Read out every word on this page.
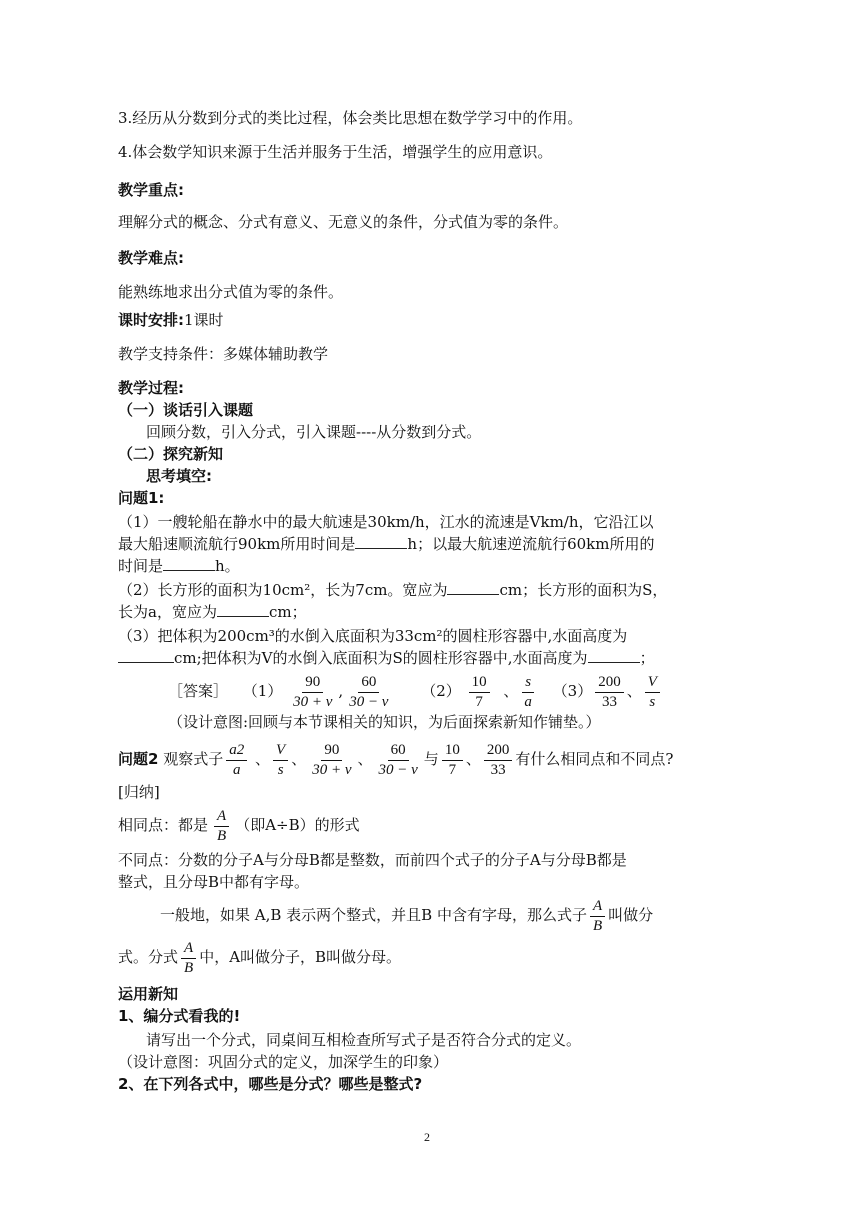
3.经历从分数到分式的类比过程，体会类比思想在数学学习中的作用。
4.体会数学知识来源于生活并服务于生活，增强学生的应用意识。
教学重点:
理解分式的概念、分式有意义、无意义的条件，分式值为零的条件。
教学难点:
能熟练地求出分式值为零的条件。
课时安排:1课时
教学支持条件：多媒体辅助教学
教学过程:
（一）谈话引入课题
回顾分数，引入分式，引入课题----从分数到分式。
（二）探究新知
思考填空:
问题1:
（1）一艘轮船在静水中的最大航速是30km/h，江水的流速是Vkm/h，它沿江以
最大船速顺流航行90km所用时间是	h；以最大航速逆流航行60km所用的
时间是	h。
（2）长方形的面积为10cm²，长为7cm。宽应为	cm；长方形的面积为S，
长为a，宽应为	cm；
（3）把体积为200cm³的水倒入底面积为33cm²的圆柱形容器中,水面高度为
cm;把体积为V的水倒入底面积为S的圆柱形容器中,水面高度为	；
［答案］ $(1) \frac{90}{30 + v}$ , $\frac{60}{30 - v} (2) \frac{10}{7}$ 、 $\frac{s}{a} (3) \frac{200}{33}$ 、 $\frac{V}{s}$
（设计意图:回顾与本节课相关的知识，为后面探索新知作铺垫。）
问题2 观察式子 $\frac{a2}{a}$ 、 $\frac{V}{s}$ 、 $\frac{90}{30 + v}$ 、 $\frac{60}{30 - v}$ 与 $\frac{10}{7}$ 、 $\frac{200}{33}$ 有什么相同点和不同点?
[归纳]
相同点：都是 $\frac{A}{B}$ （即A÷B）的形式
不同点：分数的分子A与分母B都是整数，而前四个式子的分子A与分母B都是
整式，且分母B中都有字母。
一般地，如果 A,B 表示两个整式，并且B 中含有字母，那么式子 $\frac{A}{B}$ 叫做分
式。分式 $\frac{A}{B}$ 中，A叫做分子，B叫做分母。
运用新知
1、编分式看我的!
请写出一个分式，同桌间互相检查所写式子是否符合分式的定义。
（设计意图：巩固分式的定义，加深学生的印象）
2、在下列各式中，哪些是分式？哪些是整式?
2
